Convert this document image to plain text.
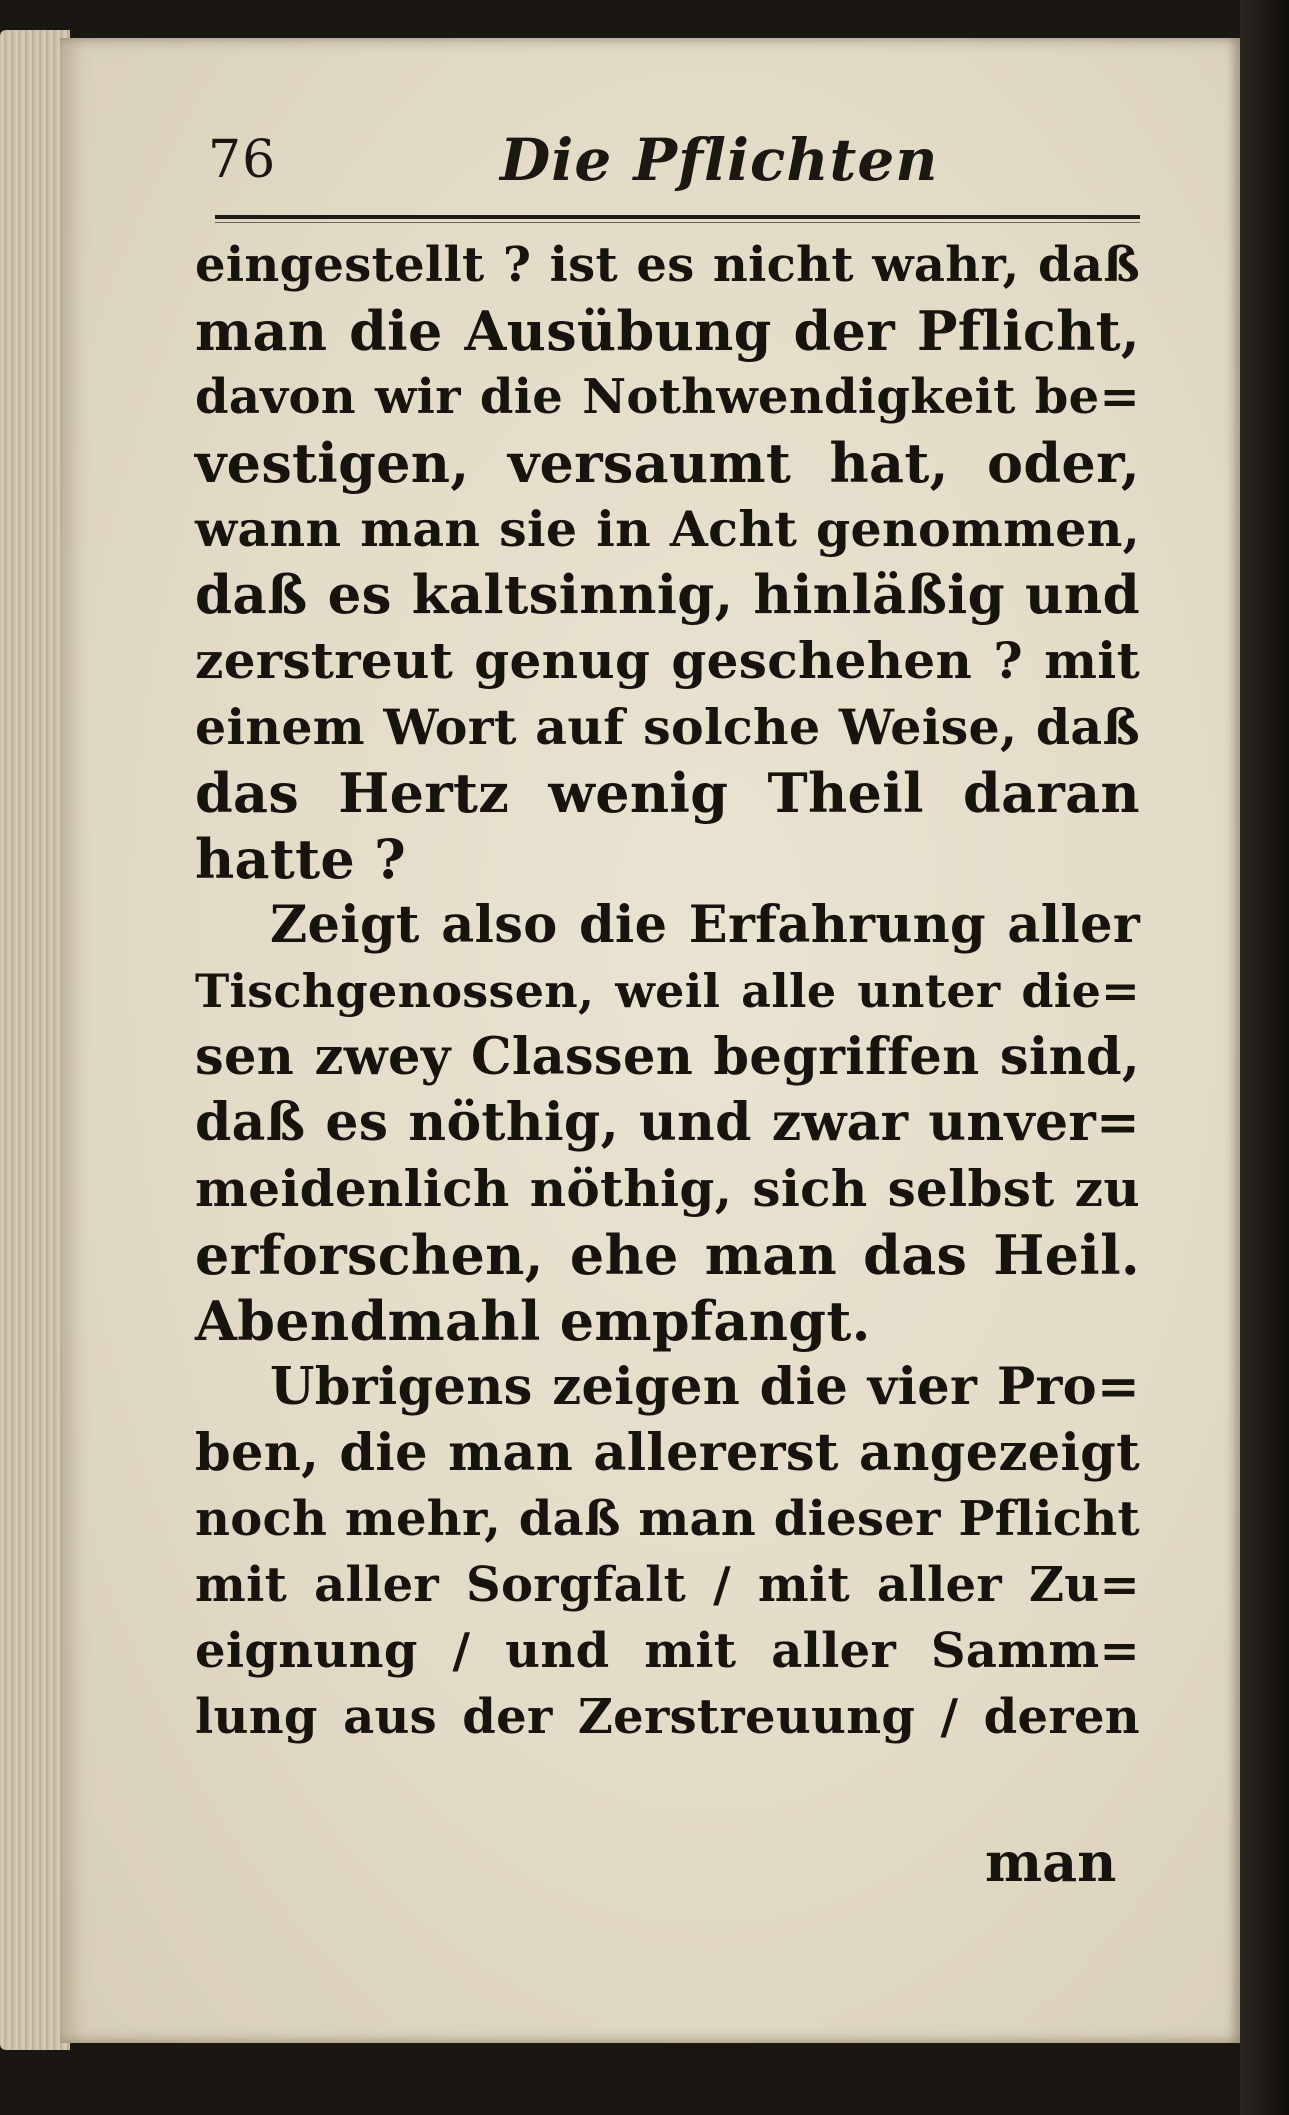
76	Die Pflichten
eingestellt ? ist es nicht wahr, daß
man die Ausübung der Pflicht,
davon wir die Nothwendigkeit be=
vestigen, versaumt hat, oder,
wann man sie in Acht genommen,
daß es kaltsinnig, hinläßig und
zerstreut genug geschehen ? mit
einem Wort auf solche Weise, daß
das Hertz wenig Theil daran
hatte ?
Zeigt also die Erfahrung aller
Tischgenossen, weil alle unter die=
sen zwey Classen begriffen sind,
daß es nöthig, und zwar unver=
meidenlich nöthig, sich selbst zu
erforschen, ehe man das Heil.
Abendmahl empfangt.
Ubrigens zeigen die vier Pro=
ben, die man allererst angezeigt
noch mehr, daß man dieser Pflicht
mit aller Sorgfalt / mit aller Zu=
eignung / und mit aller Samm=
lung aus der Zerstreuung / deren
man
